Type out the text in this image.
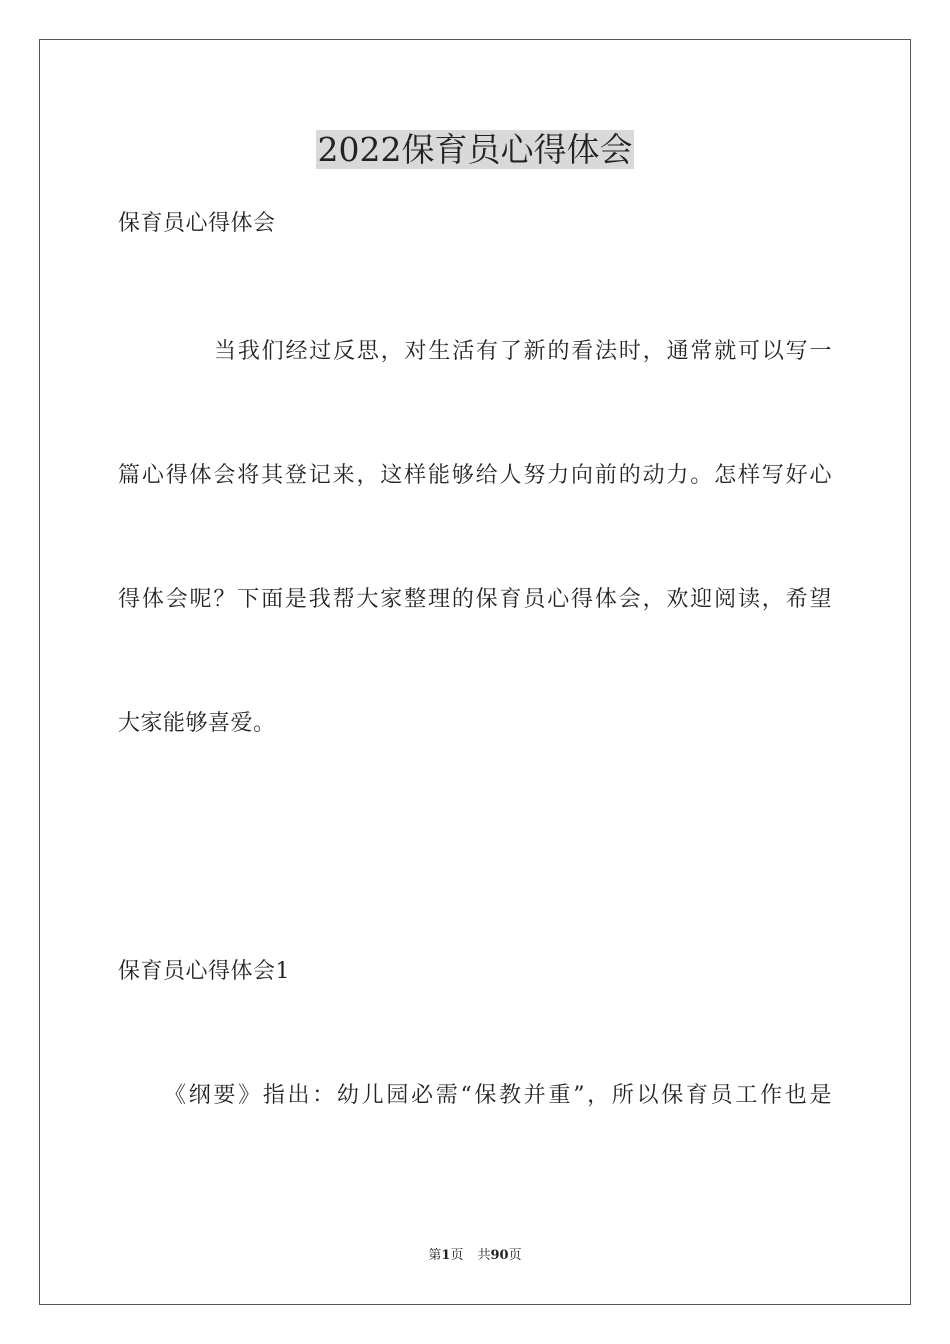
2022保育员心得体会
保育员心得体会
当我们经过反思，对生活有了新的看法时，通常就可以写一
篇心得体会将其登记来，这样能够给人努力向前的动力。怎样写好心
得体会呢？下面是我帮大家整理的保育员心得体会，欢迎阅读，希望
大家能够喜爱。
保育员心得体会1
《纲要》指出：幼儿园必需“保教并重”，所以保育员工作也是
第1页 共90页
